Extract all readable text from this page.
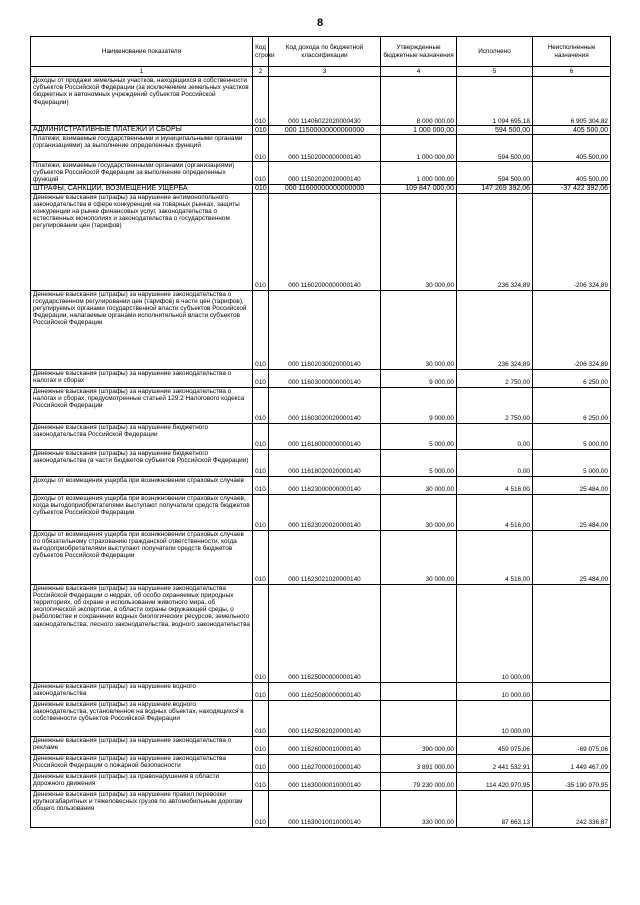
8
Наименование показателя	Код строки	Код дохода по бюджетной классификации	Утвержденные бюджетные назначения	Исполнено	Неисполненные назначения
1	2	3	4	5	6
Доходы от продажи земельных участков, находящихся в собственности субъектов Российской Федерации (за исключением земельных участков бюджетных и автономных учреждений субъектов Российской Федерации)	010	000 11406022020000430	8 000 000,00	1 094 695,18	6 905 304,82
АДМИНИСТРАТИВНЫЕ ПЛАТЕЖИ И СБОРЫ	010	000 11500000000000000	1 000 000,00	594 500,00	405 500,00
Платежи, взимаемые государственными и муниципальными органами (организациями) за выполнение определенных функций	010	000 11502000000000140	1 000 000,00	594 500,00	405 500,00
Платежи, взимаемые государственными органами (организациями) субъектов Российской Федерации за выполнение определенных функций	010	000 11502020020000140	1 000 000,00	594 500,00	405 500,00
ШТРАФЫ, САНКЦИИ, ВОЗМЕЩЕНИЕ УЩЕРБА	010	000 11600000000000000	109 847 000,00	147 269 392,06	-37 422 392,06
Денежные взыскания (штрафы) за нарушение антимонопольного законодательства в сфере конкуренции на товарных рынках, защиты конкуренции на рынке финансовых услуг, законодательства о естественных монополиях и законодательства о государственном регулировании цен (тарифов)	010	000 11602000000000140	30 000,00	236 324,89	-206 324,89
Денежные взыскания (штрафы) за нарушение законодательства о государственном регулировании цен (тарифов) в части цен (тарифов), регулируемых органами государственной власти субъектов Российской Федерации, налагаемые органами исполнительной власти субъектов Российской Федерации	010	000 11602030020000140	30 000,00	236 324,89	-206 324,89
Денежные взыскания (штрафы) за нарушение законодательства о налогах и сборах	010	000 11603000000000140	9 000,00	2 750,00	6 250,00
Денежные взыскания (штрафы) за нарушение законодательства о налогах и сборах, предусмотренные статьей 129.2 Налогового кодекса Российской Федерации	010	000 11603020020000140	9 000,00	2 750,00	6 250,00
Денежные взыскания (штрафы) за нарушение бюджетного законодательства Российской Федерации	010	000 11618000000000140	5 000,00	0,00	5 000,00
Денежные взыскания (штрафы) за нарушение бюджетного законодательства (в части бюджетов субъектов Российской Федерации)	010	000 11618020020000140	5 000,00	0,00	5 000,00
Доходы от возмещения ущерба при возникновении страховых случаев	010	000 11623000000000140	30 000,00	4 516,00	25 484,00
Доходы от возмещения ущерба при возникновении страховых случаев, когда выгодоприобретателями выступают получатели средств бюджетов субъектов Российской Федерации	010	000 11623020020000140	30 000,00	4 516,00	25 484,00
Доходы от возмещения ущерба при возникновении страховых случаев по обязательному страхованию гражданской ответственности, когда выгодоприобретателями выступают получатели средств бюджетов субъектов Российской Федерации	010	000 11623021020000140	30 000,00	4 516,00	25 484,00
Денежные взыскания (штрафы) за нарушение законодательства Российской Федерации о недрах, об особо охраняемых природных территориях, об охране и использовании животного мира, об экологической экспертизе, в области охраны окружающей среды, о рыболовстве и сохранении водных биологических ресурсов, земельного законодательства, лесного законодательства, водного законодательства	010	000 11625000000000140		10 000,00	
Денежные взыскания (штрафы) за нарушение водного законодательства	010	000 11625080000000140		10 000,00	
Денежные взыскания (штрафы) за нарушение водного законодательства, установленное на водных объектах, находящихся в собственности субъектов Российской Федерации	010	000 11625082020000140		10 000,00	
Денежные взыскания (штрафы) за нарушение законодательства о рекламе	010	000 11626000010000140	390 000,00	459 075,06	-69 075,06
Денежные взыскания (штрафы) за нарушение законодательства Российской Федерации о пожарной безопасности	010	000 11627000010000140	3 891 000,00	2 441 532,91	1 449 467,09
Денежные взыскания (штрафы) за правонарушения в области дорожного движения	010	000 11630000010000140	79 230 000,00	114 420 970,95	-35 190 970,95
Денежные взыскания (штрафы) за нарушение правил перевозки крупногабаритных и тяжеловесных грузов по автомобильным дорогам общего пользования	010	000 11630010010000140	330 000,00	87 663,13	242 336,87
